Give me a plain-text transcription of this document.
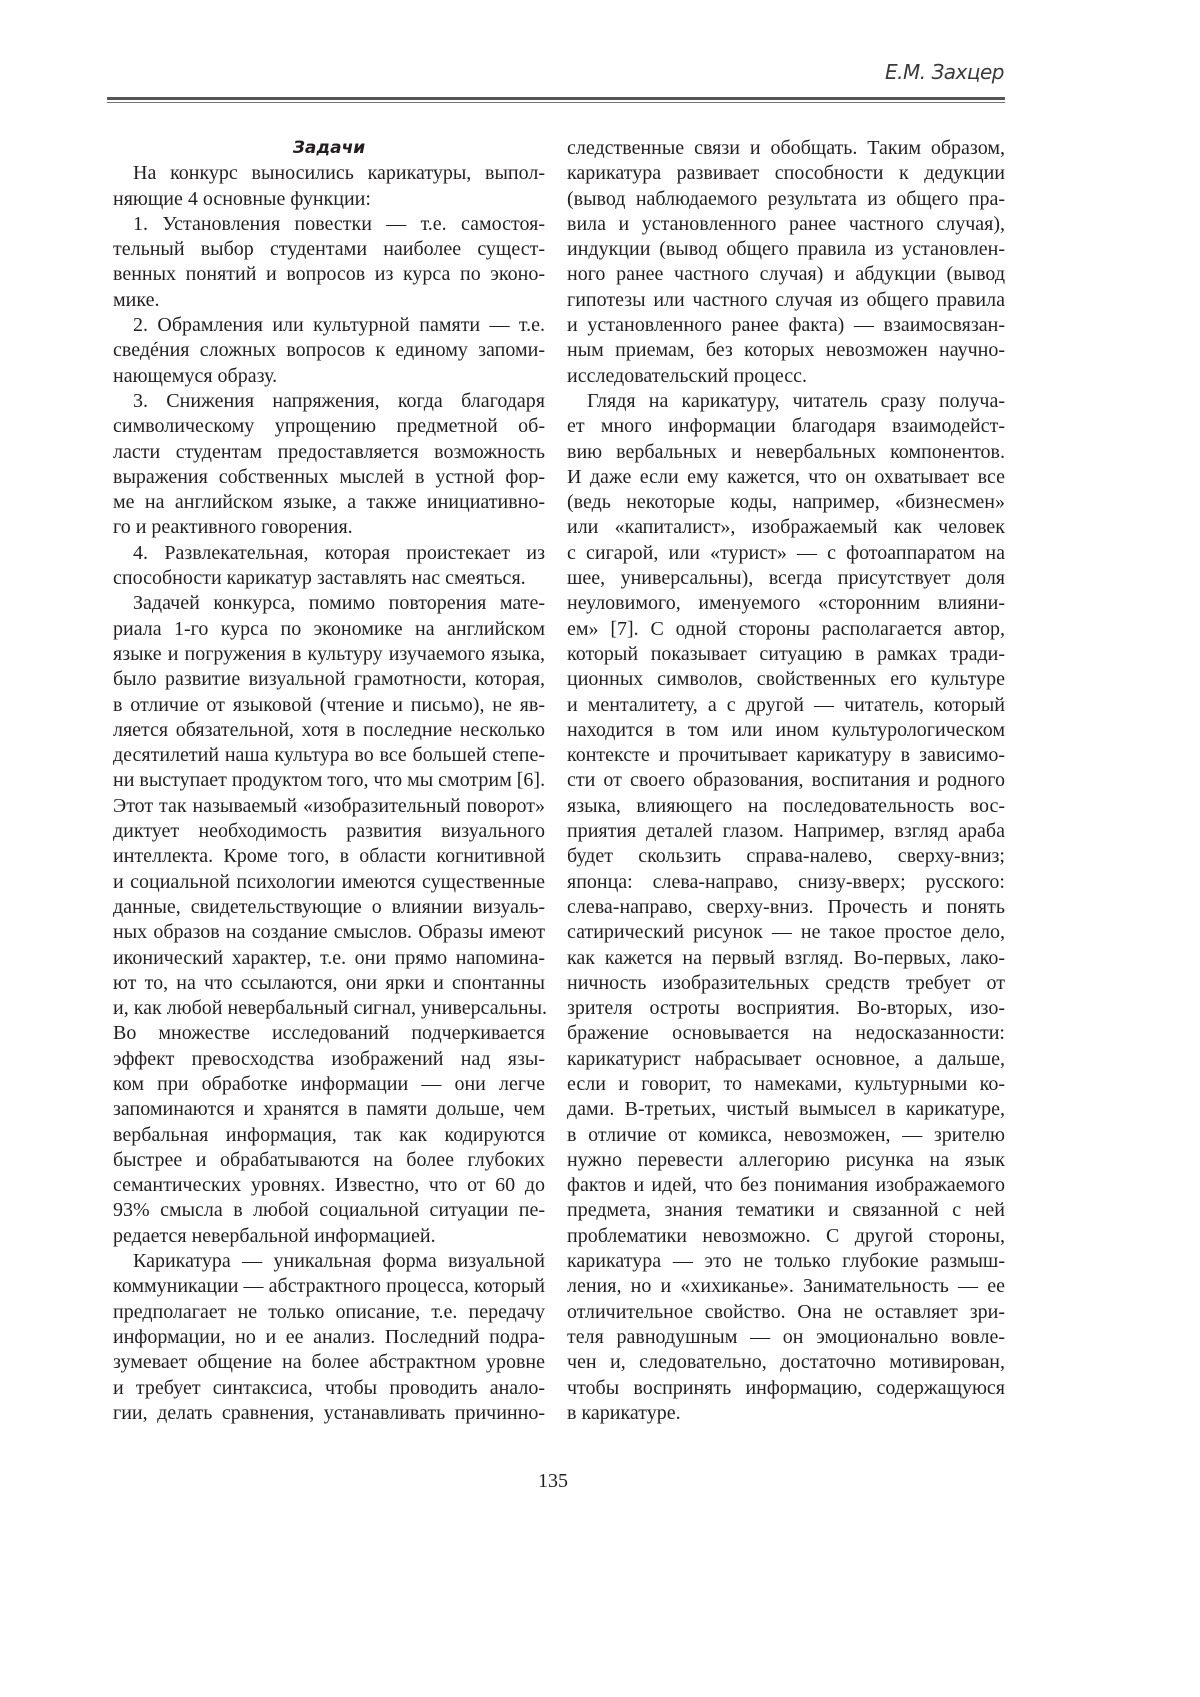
Е.М. Захцер
Задачи
На конкурс выносились карикатуры, выпол-
няющие 4 основные функции:
1. Установления повестки — т.е. самостоя-
тельный выбор студентами наиболее сущест-
венных понятий и вопросов из курса по эконо-
мике.
2. Обрамления или культурной памяти — т.е.
сведéния сложных вопросов к единому запоми-
нающемуся образу.
3. Снижения напряжения, когда благодаря
символическому упрощению предметной об-
ласти студентам предоставляется возможность
выражения собственных мыслей в устной фор-
ме на английском языке, а также инициативно-
го и реактивного говорения.
4. Развлекательная, которая проистекает из
способности карикатур заставлять нас смеяться.
Задачей конкурса, помимо повторения мате-
риала 1-го курса по экономике на английском
языке и погружения в культуру изучаемого языка,
было развитие визуальной грамотности, которая,
в отличие от языковой (чтение и письмо), не яв-
ляется обязательной, хотя в последние несколько
десятилетий наша культура во все большей степе-
ни выступает продуктом того, что мы смотрим [6].
Этот так называемый «изобразительный поворот»
диктует необходимость развития визуального
интеллекта. Кроме того, в области когнитивной
и социальной психологии имеются существенные
данные, свидетельствующие о влиянии визуаль-
ных образов на создание смыслов. Образы имеют
иконический характер, т.е. они прямо напомина-
ют то, на что ссылаются, они ярки и спонтанны
и, как любой невербальный сигнал, универсальны.
Во множестве исследований подчеркивается
эффект превосходства изображений над язы-
ком при обработке информации — они легче
запоминаются и хранятся в памяти дольше, чем
вербальная информация, так как кодируются
быстрее и обрабатываются на более глубоких
семантических уровнях. Известно, что от 60 до
93% смысла в любой социальной ситуации пе-
редается невербальной информацией.
Карикатура — уникальная форма визуальной
коммуникации — абстрактного процесса, который
предполагает не только описание, т.е. передачу
информации, но и ее анализ. Последний подра-
зумевает общение на более абстрактном уровне
и требует синтаксиса, чтобы проводить анало-
гии, делать сравнения, устанавливать причинно-
следственные связи и обобщать. Таким образом,
карикатура развивает способности к дедукции
(вывод наблюдаемого результата из общего пра-
вила и установленного ранее частного случая),
индукции (вывод общего правила из установлен-
ного ранее частного случая) и абдукции (вывод
гипотезы или частного случая из общего правила
и установленного ранее факта) — взаимосвязан-
ным приемам, без которых невозможен научно-
исследовательский процесс.
Глядя на карикатуру, читатель сразу получа-
ет много информации благодаря взаимодейст-
вию вербальных и невербальных компонентов.
И даже если ему кажется, что он охватывает все
(ведь некоторые коды, например, «бизнесмен»
или «капиталист», изображаемый как человек
с сигарой, или «турист» — с фотоаппаратом на
шее, универсальны), всегда присутствует доля
неуловимого, именуемого «сторонним влияни-
ем» [7]. С одной стороны располагается автор,
который показывает ситуацию в рамках тради-
ционных символов, свойственных его культуре
и менталитету, а с другой — читатель, который
находится в том или ином культурологическом
контексте и прочитывает карикатуру в зависимо-
сти от своего образования, воспитания и родного
языка, влияющего на последовательность вос-
приятия деталей глазом. Например, взгляд араба
будет скользить справа-налево, сверху-вниз;
японца: слева-направо, снизу-вверх; русского:
слева-направо, сверху-вниз. Прочесть и понять
сатирический рисунок — не такое простое дело,
как кажется на первый взгляд. Во-первых, лако-
ничность изобразительных средств требует от
зрителя остроты восприятия. Во-вторых, изо-
бражение основывается на недосказанности:
карикатурист набрасывает основное, а дальше,
если и говорит, то намеками, культурными ко-
дами. В-третьих, чистый вымысел в карикатуре,
в отличие от комикса, невозможен, — зрителю
нужно перевести аллегорию рисунка на язык
фактов и идей, что без понимания изображаемого
предмета, знания тематики и связанной с ней
проблематики невозможно. С другой стороны,
карикатура — это не только глубокие размыш-
ления, но и «хихиканье». Занимательность — ее
отличительное свойство. Она не оставляет зри-
теля равнодушным — он эмоционально вовле-
чен и, следовательно, достаточно мотивирован,
чтобы воспринять информацию, содержащуюся
в карикатуре.
135
